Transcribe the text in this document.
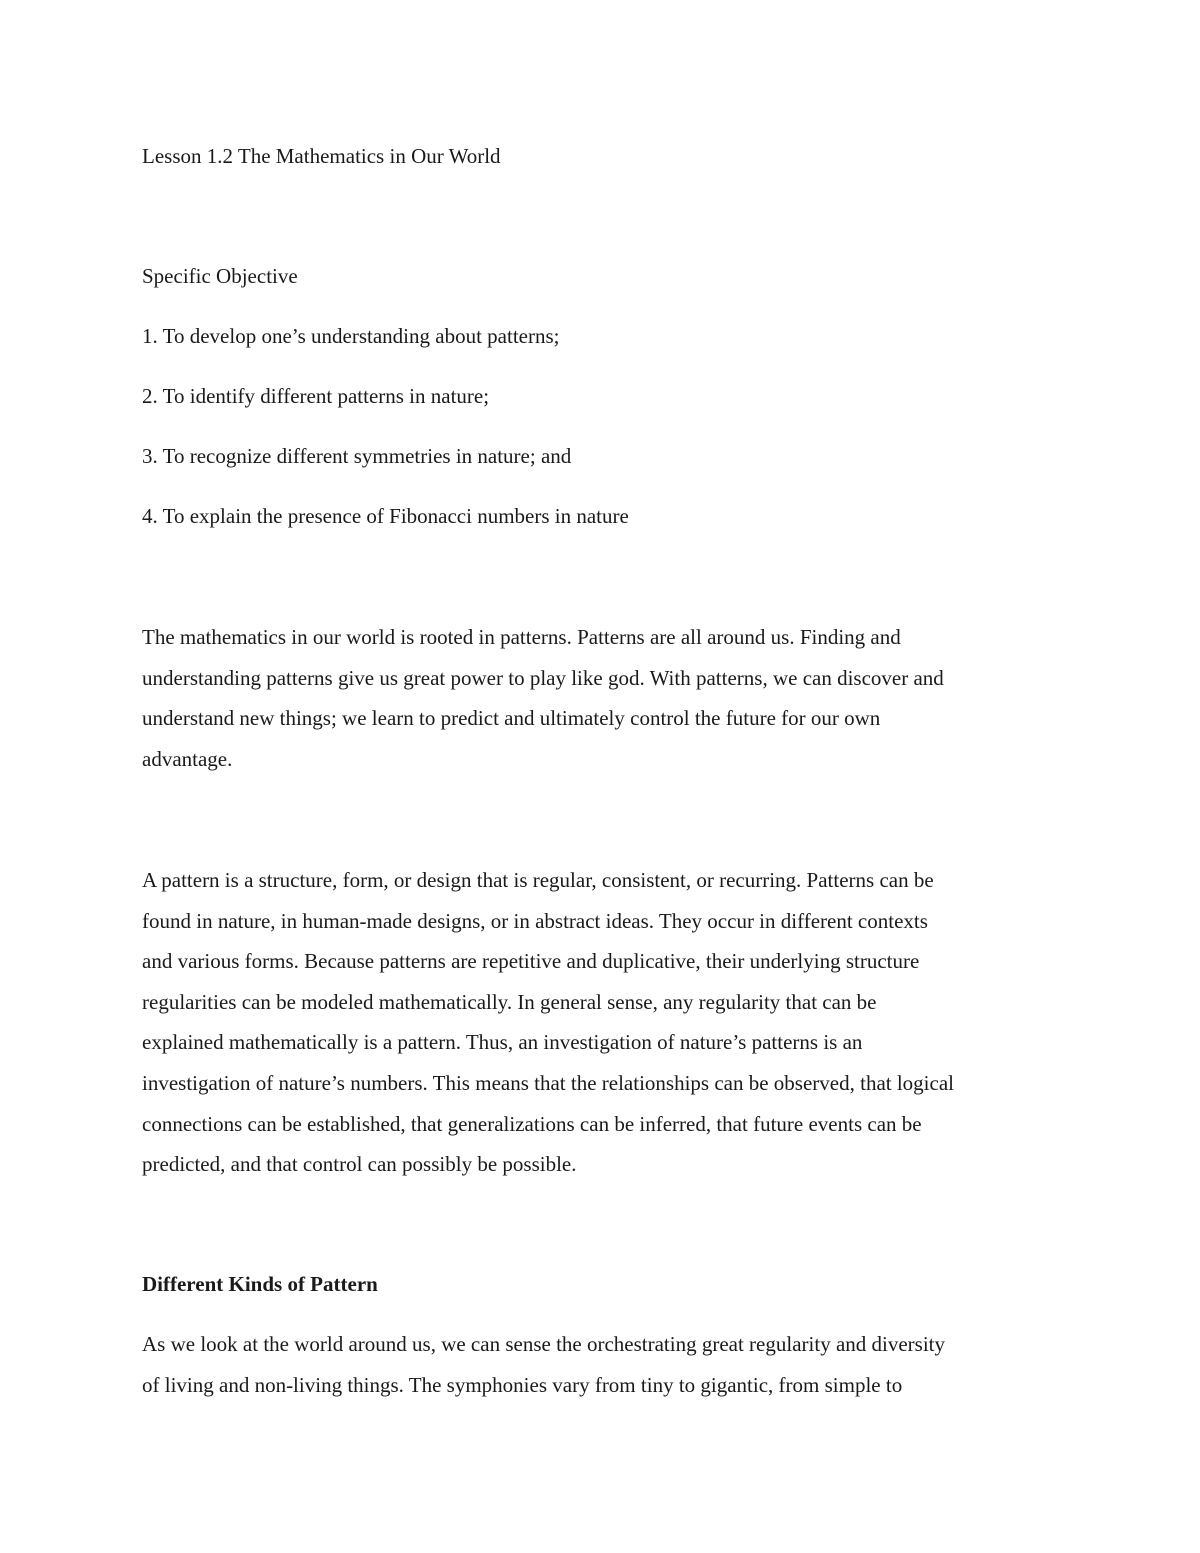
Lesson 1.2 The Mathematics in Our World

Specific Objective

1. To develop one’s understanding about patterns;

2. To identify different patterns in nature;

3. To recognize different symmetries in nature; and

4. To explain the presence of Fibonacci numbers in nature

The mathematics in our world is rooted in patterns. Patterns are all around us. Finding and
understanding patterns give us great power to play like god. With patterns, we can discover and
understand new things; we learn to predict and ultimately control the future for our own
advantage.
A pattern is a structure, form, or design that is regular, consistent, or recurring. Patterns can be
found in nature, in human-made designs, or in abstract ideas. They occur in different contexts
and various forms. Because patterns are repetitive and duplicative, their underlying structure
regularities can be modeled mathematically. In general sense, any regularity that can be
explained mathematically is a pattern. Thus, an investigation of nature’s patterns is an
investigation of nature’s numbers. This means that the relationships can be observed, that logical
connections can be established, that generalizations can be inferred, that future events can be
predicted, and that control can possibly be possible.

Different Kinds of Pattern

As we look at the world around us, we can sense the orchestrating great regularity and diversity
of living and non-living things. The symphonies vary from tiny to gigantic, from simple to
